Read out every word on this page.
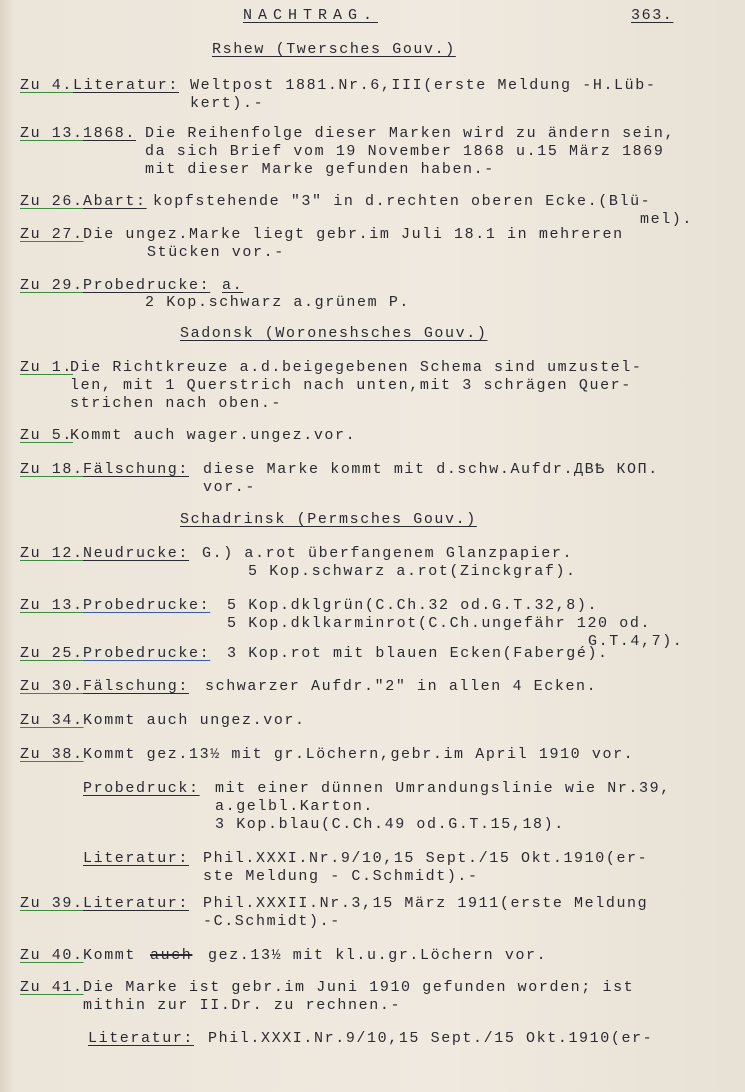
NACHTRAG.	363.
Rshew (Twersches Gouv.)
Zu 4. Literatur: Weltpost 1881.Nr.6,III(erste Meldung -H.Lüb-
kert).-
Zu 13. 1868. Die Reihenfolge dieser Marken wird zu ändern sein,
da sich Brief vom 19 November 1868 u.15 März 1869
mit dieser Marke gefunden haben.-
Zu 26. Abart: kopfstehende "3" in d.rechten oberen Ecke.(Blü-
mel).
Zu 27. Die ungez.Marke liegt gebr.im Juli 18.1 in mehreren
Stücken vor.-
Zu 29. Probedrucke: a.
2 Kop.schwarz a.grünem P.
Sadonsk (Woroneshsches Gouv.)
Zu 1.
Die Richtkreuze a.d.beigegebenen Schema sind umzustel-
len, mit 1 Querstrich nach unten,mit 3 schrägen Quer-
strichen nach oben.-
Zu 5.
Kommt auch wager.ungez.vor.
Zu 18. Fälschung: diese Marke kommt mit d.schw.Aufdr.ДВѢ КОП.
vor.-
Schadrinsk (Permsches Gouv.)
Zu 12. Neudrucke: G.) a.rot überfangenem Glanzpapier.
5 Kop.schwarz a.rot(Zinckgraf).
Zu 13. Probedrucke: 5 Kop.dklgrün(C.Ch.32 od.G.T.32,8).
5 Kop.dklkarminrot(C.Ch.ungefähr 120 od.
G.T.4,7).
Zu 25. Probedrucke: 3 Kop.rot mit blauen Ecken(Fabergé).
Zu 30. Fälschung: schwarzer Aufdr."2" in allen 4 Ecken.
Zu 34. Kommt auch ungez.vor.
Zu 38. Kommt gez.13½ mit gr.Löchern,gebr.im April 1910 vor.
Probedruck: mit einer dünnen Umrandungslinie wie Nr.39,
a.gelbl.Karton.
3 Kop.blau(C.Ch.49 od.G.T.15,18).
Literatur: Phil.XXXI.Nr.9/10,15 Sept./15 Okt.1910(er-
ste Meldung - C.Schmidt).-
Zu 39. Literatur: Phil.XXXII.Nr.3,15 März 1911(erste Meldung
-C.Schmidt).-
Zu 40. Kommt auch gez.13½ mit kl.u.gr.Löchern vor.
Zu 41. Die Marke ist gebr.im Juni 1910 gefunden worden; ist
mithin zur II.Dr. zu rechnen.-
Literatur: Phil.XXXI.Nr.9/10,15 Sept./15 Okt.1910(er-
